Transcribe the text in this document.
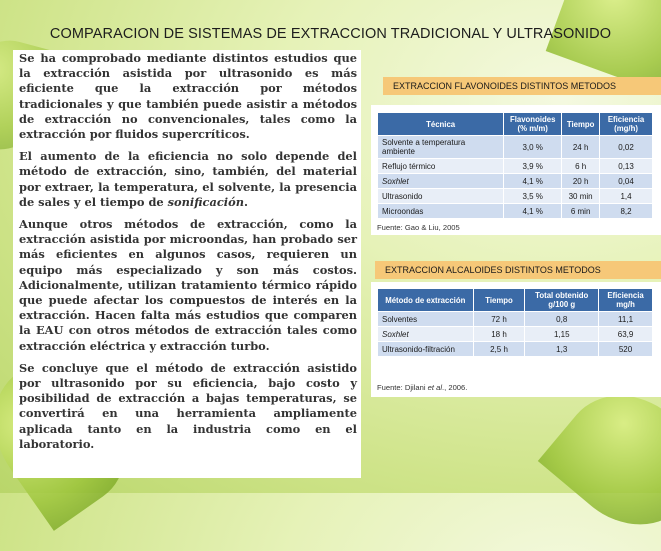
COMPARACION DE SISTEMAS DE EXTRACCION TRADICIONAL Y ULTRASONIDO

Se ha comprobado mediante distintos estudios que la extracción asistida por ultrasonido es más eficiente que la extracción por métodos tradicionales y que también puede asistir a métodos de extracción no convencionales, tales como la extracción por fluidos supercríticos.

El aumento de la eficiencia no solo depende del método de extracción, sino, también, del material por extraer, la temperatura, el solvente, la presencia de sales y el tiempo de sonificación.

Aunque otros métodos de extracción, como la extracción asistida por microondas, han probado ser más eficientes en algunos casos, requieren un equipo más especializado y son más costos. Adicionalmente, utilizan tratamiento térmico rápido que puede afectar los compuestos de interés en la extracción. Hacen falta más estudios que comparen la EAU con otros métodos de extracción tales como extracción eléctrica y extracción turbo.

Se concluye que el método de extracción asistido por ultrasonido por su eficiencia, bajo costo y posibilidad de extracción a bajas temperaturas, se convertirá en una herramienta ampliamente aplicada tanto en la industria como en el laboratorio.

EXTRACCION FLAVONOIDES DISTINTOS METODOS
Técnica	Flavonoides (% m/m)	Tiempo	Eficiencia (mg/h)
Solvente a temperatura ambiente	3,0 %	24 h	0,02
Reflujo térmico	3,9 %	6 h	0,13
Soxhlet	4,1 %	20 h	0,04
Ultrasonido	3,5 %	30 min	1,4
Microondas	4,1 %	6 min	8,2
Fuente: Gao & Liu, 2005
EXTRACCION ALCALOIDES DISTINTOS METODOS
Método de extracción	Tiempo	Total obtenido g/100 g	Eficiencia mg/h
Solventes	72 h	0,8	11,1
Soxhlet	18 h	1,15	63,9
Ultrasonido-filtración	2,5 h	1,3	520
Fuente: Djilani et al., 2006.
